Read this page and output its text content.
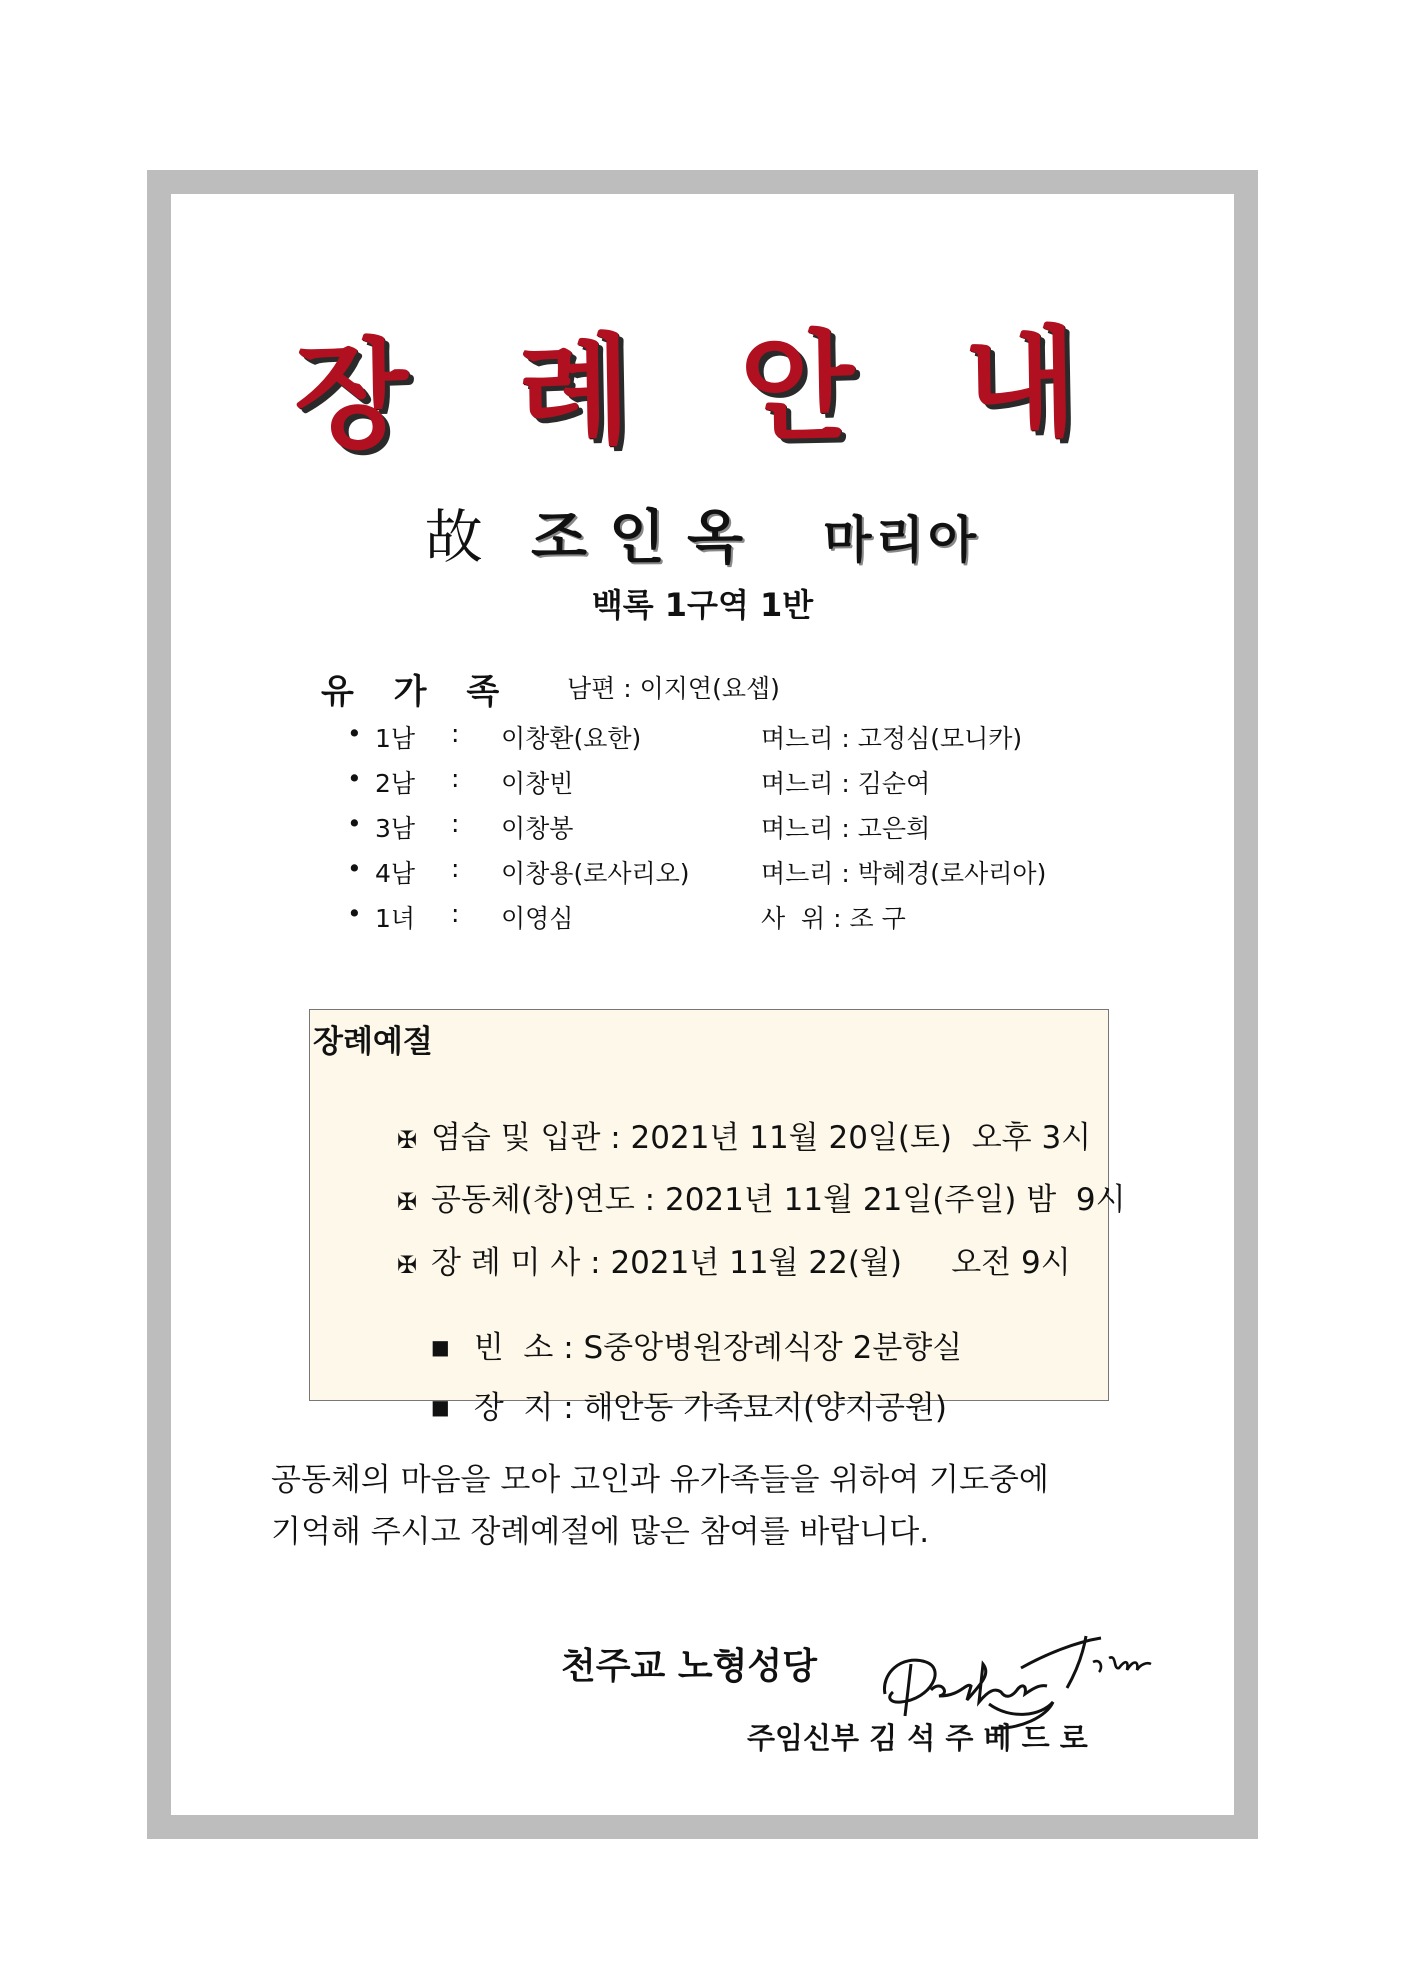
장 례 안 내
故 조인옥 마리아
백록 1구역 1반
유 가 족 남편 : 이지연(요셉)
• 1남 : 이창환(요한)	며느리 : 고정심(모니카)
• 2남 : 이창빈	며느리 : 김순여
• 3남 : 이창봉	며느리 : 고은희
• 4남 : 이창용(로사리오)	며느리 : 박혜경(로사리아)
• 1녀 : 이영심	사  위 : 조 구
장례예절

✠ 염습 및 입관 : 2021년 11월 20일(토)  오후 3시

✠ 공동체(창)연도 : 2021년 11월 21일(주일) 밤  9시

✠ 장 례 미 사 : 2021년 11월 22(월)     오전 9시

■ 빈  소 : S중앙병원장례식장 2분향실

■ 장  지 : 해안동 가족묘지(양지공원)

공동체의 마음을 모아 고인과 유가족들을 위하여 기도중에
기억해 주시고 장례예절에 많은 참여를 바랍니다.
천주교 노형성당
주임신부 김 석 주 베 드 로
